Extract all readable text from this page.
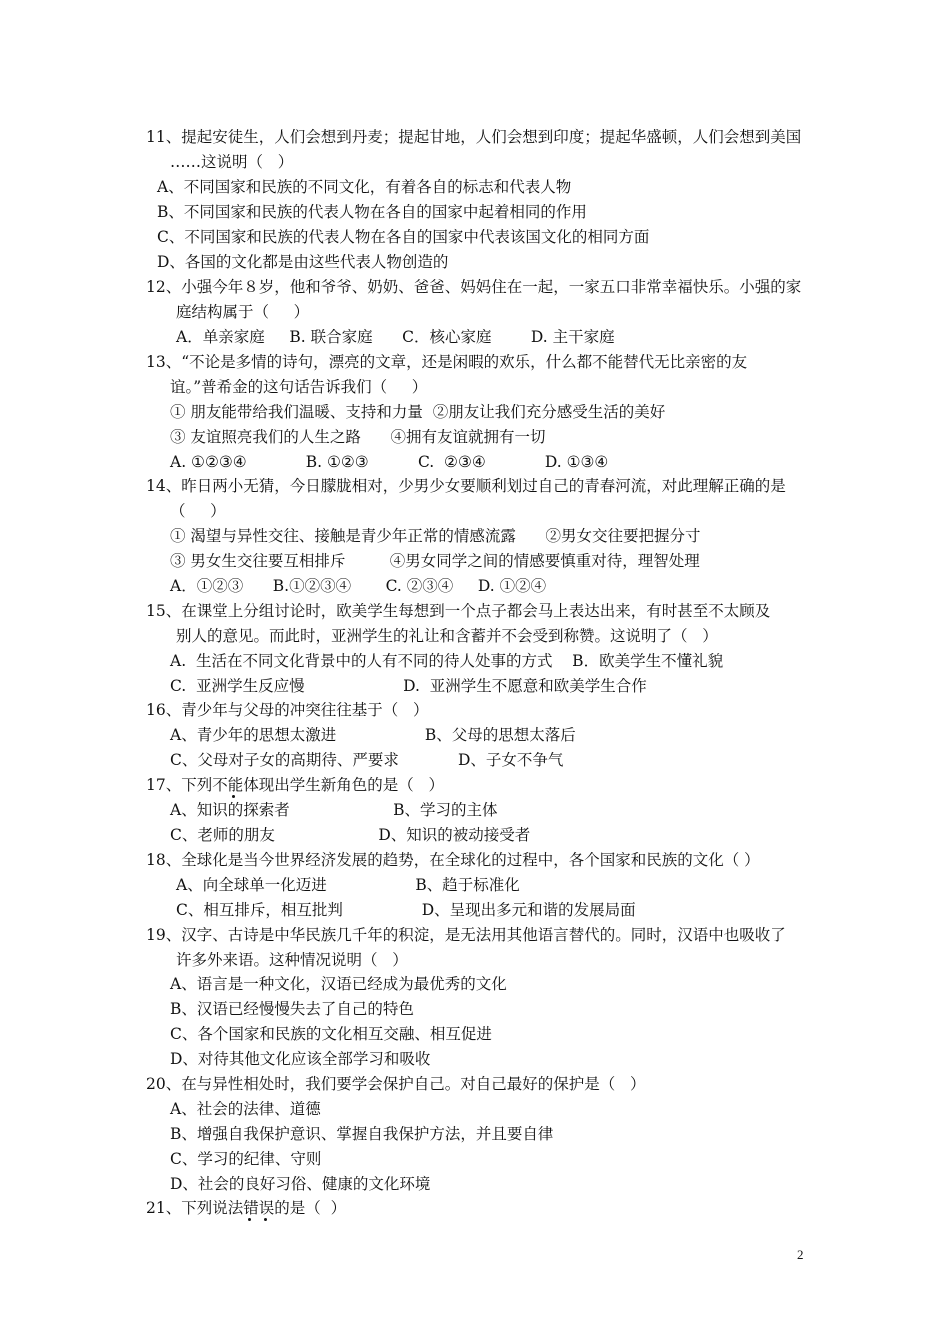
11、提起安徒生，人们会想到丹麦；提起甘地，人们会想到印度；提起华盛顿，人们会想到美国
……这说明（   ）
A、不同国家和民族的不同文化，有着各自的标志和代表人物
B、不同国家和民族的代表人物在各自的国家中起着相同的作用
C、不同国家和民族的代表人物在各自的国家中代表该国文化的相同方面
D、各国的文化都是由这些代表人物创造的
12、小强今年８岁，他和爷爷、奶奶、爸爸、妈妈住在一起，一家五口非常幸福快乐。小强的家
庭结构属于（     ）
A．单亲家庭     B. 联合家庭      C．核心家庭        D. 主干家庭
13、“不论是多情的诗句，漂亮的文章，还是闲暇的欢乐，什么都不能替代无比亲密的友
谊。”普希金的这句话告诉我们（     ）
① 朋友能带给我们温暖、支持和力量  ②朋友让我们充分感受生活的美好
③ 友谊照亮我们的人生之路      ④拥有友谊就拥有一切
A. ①②③④            B. ①②③          C.  ②③④            D. ①③④
14、昨日两小无猜，今日朦胧相对，少男少女要顺利划过自己的青春河流，对此理解正确的是
（     ）
① 渴望与异性交往、接触是青少年正常的情感流露      ②男女交往要把握分寸
③ 男女生交往要互相排斥         ④男女同学之间的情感要慎重对待，理智处理
A．①②③      B.①②③④       C. ②③④     D. ①②④
15、在课堂上分组讨论时，欧美学生每想到一个点子都会马上表达出来，有时甚至不太顾及
别人的意见。而此时，亚洲学生的礼让和含蓄并不会受到称赞。这说明了（   ）
A.  生活在不同文化背景中的人有不同的待人处事的方式    B．欧美学生不懂礼貌
C.  亚洲学生反应慢                    D.  亚洲学生不愿意和欧美学生合作
16、青少年与父母的冲突往往基于（   ）
A、青少年的思想太激进                  B、父母的思想太落后
C、父母对子女的高期待、严要求            D、子女不争气
17、下列不能体现出学生新角色的是（   ）
A、知识的探索者                     B、学习的主体
C、老师的朋友                     D、知识的被动接受者
18、全球化是当今世界经济发展的趋势，在全球化的过程中，各个国家和民族的文化（ ）
A、向全球单一化迈进                  B、趋于标准化
C、相互排斥，相互批判                D、呈现出多元和谐的发展局面
19、汉字、古诗是中华民族几千年的积淀，是无法用其他语言替代的。同时，汉语中也吸收了
许多外来语。这种情况说明（   ）
A、语言是一种文化，汉语已经成为最优秀的文化
B、汉语已经慢慢失去了自己的特色
C、各个国家和民族的文化相互交融、相互促进
D、对待其他文化应该全部学习和吸收
20、在与异性相处时，我们要学会保护自己。对自己最好的保护是（   ）
A、社会的法律、道德
B、增强自我保护意识、掌握自我保护方法，并且要自律
C、学习的纪律、守则
D、社会的良好习俗、健康的文化环境
21、下列说法错误的是（  ）
2
